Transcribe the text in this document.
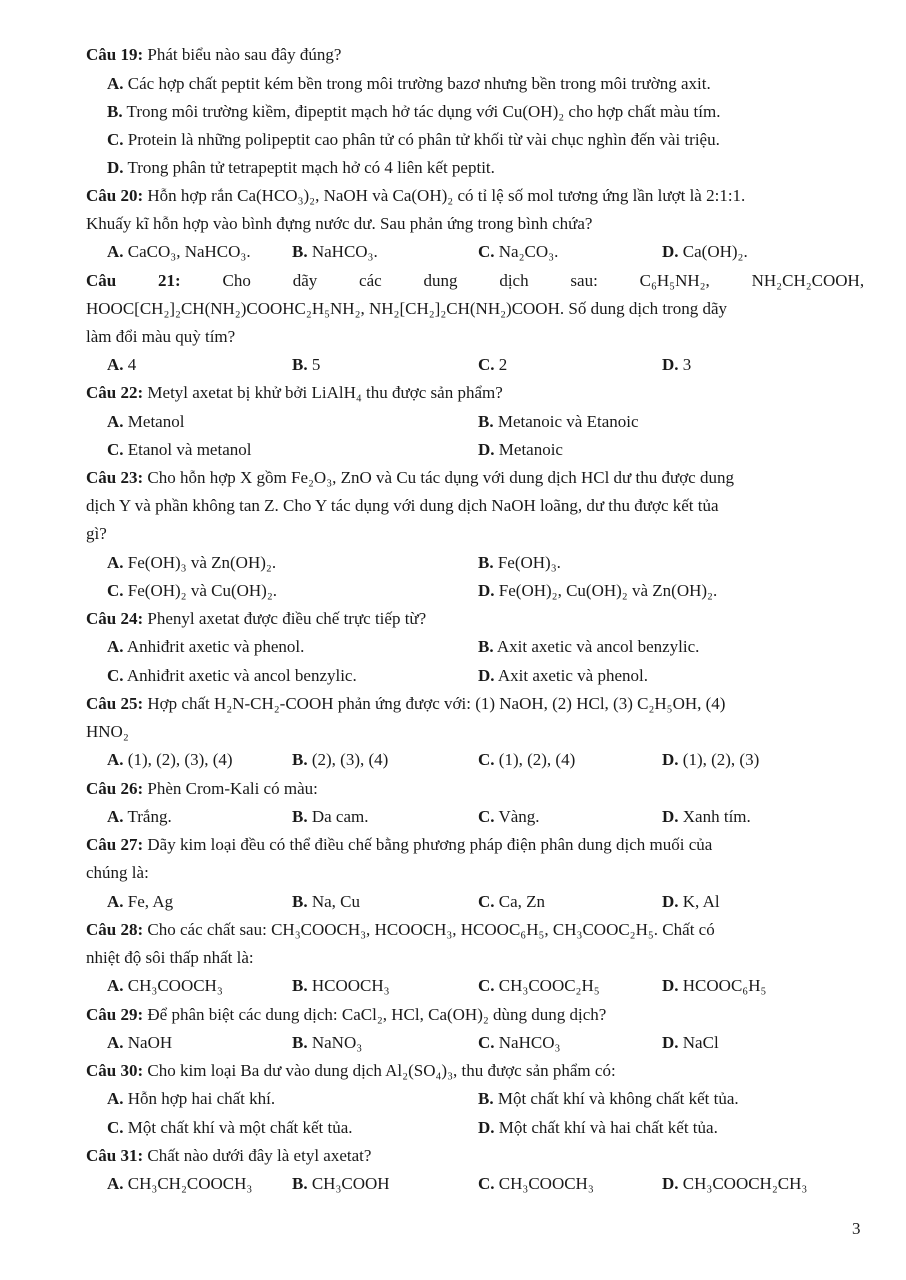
Câu 19: Phát biểu nào sau đây đúng?
A. Các hợp chất peptit kém bền trong môi trường bazơ nhưng bền trong môi trường axit.
B. Trong môi trường kiềm, đipeptit mạch hở tác dụng với Cu(OH)₂ cho hợp chất màu tím.
C. Protein là những polipeptit cao phân tử có phân tử khối từ vài chục nghìn đến vài triệu.
D. Trong phân tử tetrapeptit mạch hở có 4 liên kết peptit.
Câu 20: Hỗn hợp rắn Ca(HCO₃)₂, NaOH và Ca(OH)₂ có tỉ lệ số mol tương ứng lần lượt là 2:1:1.
Khuấy kĩ hỗn hợp vào bình đựng nước dư. Sau phản ứng trong bình chứa?
A. CaCO₃, NaHCO₃. B. NaHCO₃.	C. Na₂CO₃.	D. Ca(OH)₂.
Câu 21: Cho dãy các dung dịch sau: C₆H₅NH₂, NH₂CH₂COOH,
HOOC[CH₂]₂CH(NH₂)COOHC₂H₅NH₂, NH₂[CH₂]₂CH(NH₂)COOH. Số dung dịch trong dãy
làm đổi màu quỳ tím?
A. 4	B. 5	C. 2	D. 3
Câu 22: Metyl axetat bị khử bởi LiAlH₄ thu được sản phẩm?
A. Metanol	B. Metanoic và Etanoic
C. Etanol và metanol	D. Metanoic
Câu 23: Cho hỗn hợp X gồm Fe₂O₃, ZnO và Cu tác dụng với dung dịch HCl dư thu được dung
dịch Y và phần không tan Z. Cho Y tác dụng với dung dịch NaOH loãng, dư thu được kết tủa
gì?
A. Fe(OH)₃ và Zn(OH)₂.	B. Fe(OH)₃.
C. Fe(OH)₂ và Cu(OH)₂.	D. Fe(OH)₂, Cu(OH)₂ và Zn(OH)₂.
Câu 24: Phenyl axetat được điều chế trực tiếp từ?
A. Anhiđrit axetic và phenol.	B. Axit axetic và ancol benzylic.
C. Anhiđrit axetic và ancol benzylic.	D. Axit axetic và phenol.
Câu 25: Hợp chất H₂N-CH₂-COOH phản ứng được với: (1) NaOH, (2) HCl, (3) C₂H₅OH, (4)
HNO₂
A. (1), (2), (3), (4)	B. (2), (3), (4)	C. (1), (2), (4)	D. (1), (2), (3)
Câu 26: Phèn Crom-Kali có màu:
A. Trắng.	B. Da cam.	C. Vàng.	D. Xanh tím.
Câu 27: Dãy kim loại đều có thể điều chế bằng phương pháp điện phân dung dịch muối của
chúng là:
A. Fe, Ag	B. Na, Cu	C. Ca, Zn	D. K, Al
Câu 28: Cho các chất sau: CH₃COOCH₃, HCOOCH₃, HCOOC₆H₅, CH₃COOC₂H₅. Chất có
nhiệt độ sôi thấp nhất là:
A. CH₃COOCH₃	B. HCOOCH₃	C. CH₃COOC₂H₅	D. HCOOC₆H₅
Câu 29: Để phân biệt các dung dịch: CaCl₂, HCl, Ca(OH)₂ dùng dung dịch?
A. NaOH	B. NaNO₃	C. NaHCO₃	D. NaCl
Câu 30: Cho kim loại Ba dư vào dung dịch Al₂(SO₄)₃, thu được sản phẩm có:
A. Hỗn hợp hai chất khí.	B. Một chất khí và không chất kết tủa.
C. Một chất khí và một chất kết tủa.	D. Một chất khí và hai chất kết tủa.
Câu 31: Chất nào dưới đây là etyl axetat?
A. CH₃CH₂COOCH₃ B. CH₃COOH	C. CH₃COOCH₃	D. CH₃COOCH₂CH₃
3
